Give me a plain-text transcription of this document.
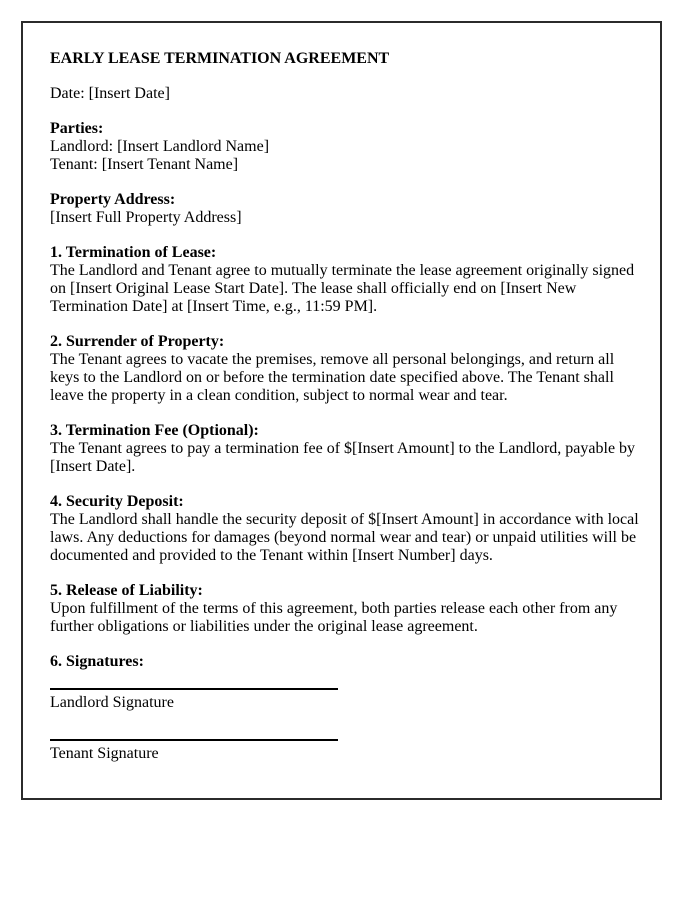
EARLY LEASE TERMINATION AGREEMENT
Date: [Insert Date]
Parties:
Landlord: [Insert Landlord Name]
Tenant: [Insert Tenant Name]
Property Address:
[Insert Full Property Address]
1. Termination of Lease:
The Landlord and Tenant agree to mutually terminate the lease agreement originally signed on [Insert Original Lease Start Date]. The lease shall officially end on [Insert New Termination Date] at [Insert Time, e.g., 11:59 PM].
2. Surrender of Property:
The Tenant agrees to vacate the premises, remove all personal belongings, and return all keys to the Landlord on or before the termination date specified above. The Tenant shall leave the property in a clean condition, subject to normal wear and tear.
3. Termination Fee (Optional):
The Tenant agrees to pay a termination fee of $[Insert Amount] to the Landlord, payable by [Insert Date].
4. Security Deposit:
The Landlord shall handle the security deposit of $[Insert Amount] in accordance with local laws. Any deductions for damages (beyond normal wear and tear) or unpaid utilities will be documented and provided to the Tenant within [Insert Number] days.
5. Release of Liability:
Upon fulfillment of the terms of this agreement, both parties release each other from any further obligations or liabilities under the original lease agreement.
6. Signatures:
Landlord Signature
Tenant Signature
